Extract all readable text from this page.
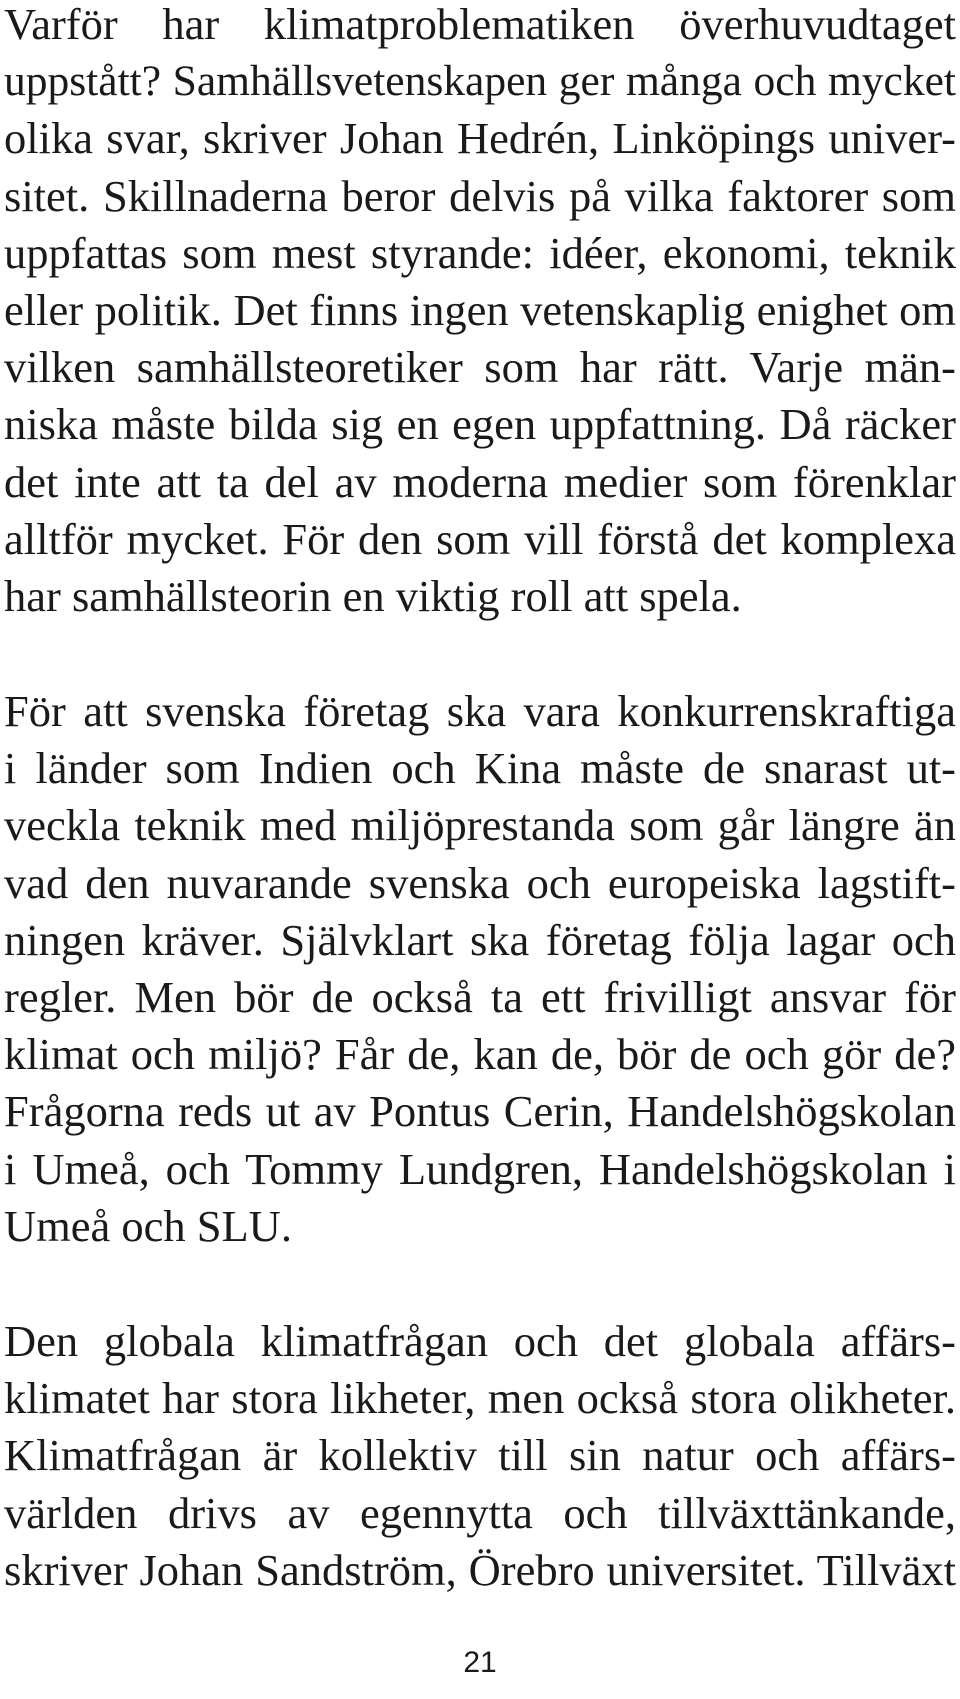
Varför har klimatproblematiken överhuvudtaget
uppstått? Samhällsvetenskapen ger många och mycket
olika svar, skriver Johan Hedrén, Linköpings univer-
sitet. Skillnaderna beror delvis på vilka faktorer som
uppfattas som mest styrande: idéer, ekonomi, teknik
eller politik. Det finns ingen vetenskaplig enighet om
vilken samhällsteoretiker som har rätt. Varje män-
niska måste bilda sig en egen uppfattning. Då räcker
det inte att ta del av moderna medier som förenklar
alltför mycket. För den som vill förstå det komplexa
har samhällsteorin en viktig roll att spela.
För att svenska företag ska vara konkurrenskraftiga
i länder som Indien och Kina måste de snarast ut-
veckla teknik med miljöprestanda som går längre än
vad den nuvarande svenska och europeiska lagstift-
ningen kräver. Självklart ska företag följa lagar och
regler. Men bör de också ta ett frivilligt ansvar för
klimat och miljö? Får de, kan de, bör de och gör de?
Frågorna reds ut av Pontus Cerin, Handelshögskolan
i Umeå, och Tommy Lundgren, Handelshögskolan i
Umeå och SLU.
Den globala klimatfrågan och det globala affärs-
klimatet har stora likheter, men också stora olikheter.
Klimatfrågan är kollektiv till sin natur och affärs-
världen drivs av egennytta och tillväxttänkande,
skriver Johan Sandström, Örebro universitet. Tillväxt
21
